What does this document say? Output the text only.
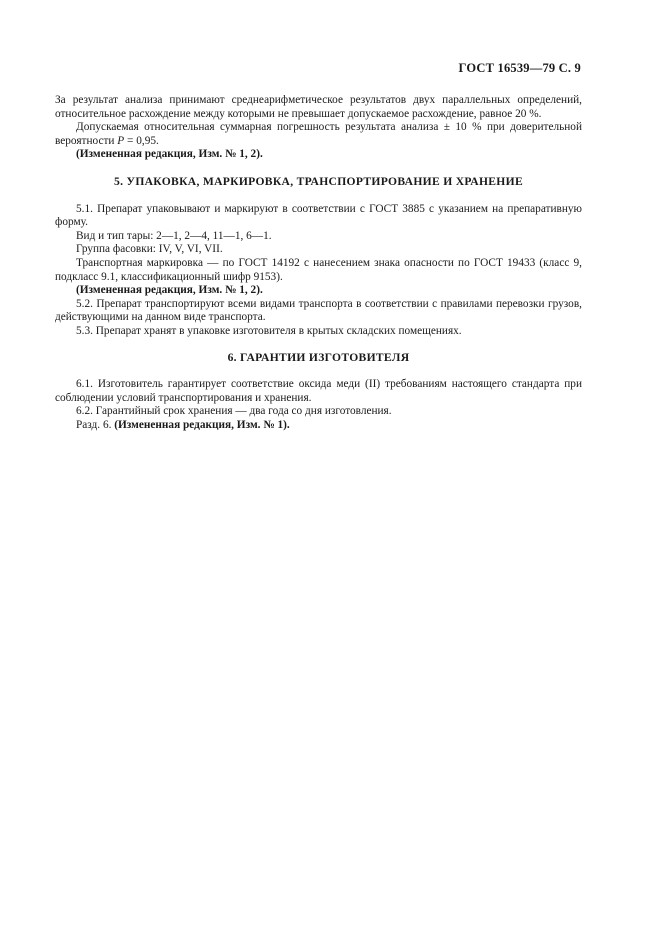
ГОСТ 16539—79 С. 9

За результат анализа принимают среднеарифметическое результатов двух параллельных определений, относительное расхождение между которыми не превышает допускаемое расхождение, равное 20 %.

Допускаемая относительная суммарная погрешность результата анализа ± 10 % при доверительной вероятности P = 0,95.

(Измененная редакция, Изм. № 1, 2).

5. УПАКОВКА, МАРКИРОВКА, ТРАНСПОРТИРОВАНИЕ И ХРАНЕНИЕ

5.1. Препарат упаковывают и маркируют в соответствии с ГОСТ 3885 с указанием на препаративную форму.

Вид и тип тары: 2—1, 2—4, 11—1, 6—1.

Группа фасовки: IV, V, VI, VII.

Транспортная маркировка — по ГОСТ 14192 с нанесением знака опасности по ГОСТ 19433 (класс 9, подкласс 9.1, классификационный шифр 9153).

(Измененная редакция, Изм. № 1, 2).

5.2. Препарат транспортируют всеми видами транспорта в соответствии с правилами перевозки грузов, действующими на данном виде транспорта.

5.3. Препарат хранят в упаковке изготовителя в крытых складских помещениях.

6. ГАРАНТИИ ИЗГОТОВИТЕЛЯ

6.1. Изготовитель гарантирует соответствие оксида меди (II) требованиям настоящего стандарта при соблюдении условий транспортирования и хранения.

6.2. Гарантийный срок хранения — два года со дня изготовления.

Разд. 6. (Измененная редакция, Изм. № 1).
